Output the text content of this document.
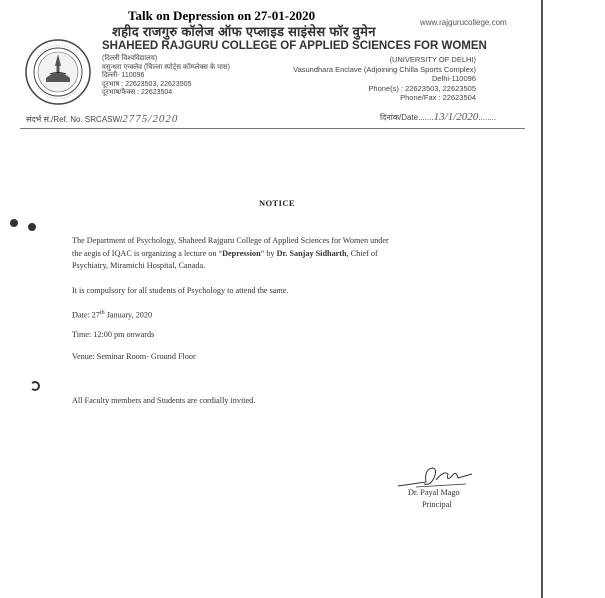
Talk on Depression on 27-01-2020	www.rajgurucollege.com
शहीद राजगुरु कॉलेज ऑफ एप्लाइड साइंसेस फॉर वुमेन
SHAHEED RAJGURU COLLEGE OF APPLIED SCIENCES FOR WOMEN
(दिल्ली विश्वविद्यालय)
वसुन्धरा एन्क्लेव (चिल्ला स्पोर्ट्स कॉम्प्लेक्स के पास)
दिल्ली- 110096
दूरभाष : 22623503, 22623505
दूरभाष/फैक्स : 22623504
(UNIVERSITY OF DELHI)
Vasundhara Enclave (Adjoining Chilla Sports Complex)
Delhi-110096
Phone(s) : 22623503, 22623505
Phone/Fax : 22623504
संदर्भ सं./Ref. No. SRCASW/2775/2020	दिनांक/Date.......13/1/2020........
NOTICE
The Department of Psychology, Shaheed Rajguru College of Applied Sciences for Women under
the aegis of IQAC is organizing a lecture on “Depression” by Dr. Sanjay Sidharth, Chief of
Psychiatry, Miramichi Hospital, Canada.
It is compulsory for all students of Psychology to attend the same.
Date: 27th January, 2020
Time: 12:00 pm onwards
Venue: Seminar Room- Ground Floor
All Faculty members and Students are cordially invited.
Dr. Payal Mago
Principal
